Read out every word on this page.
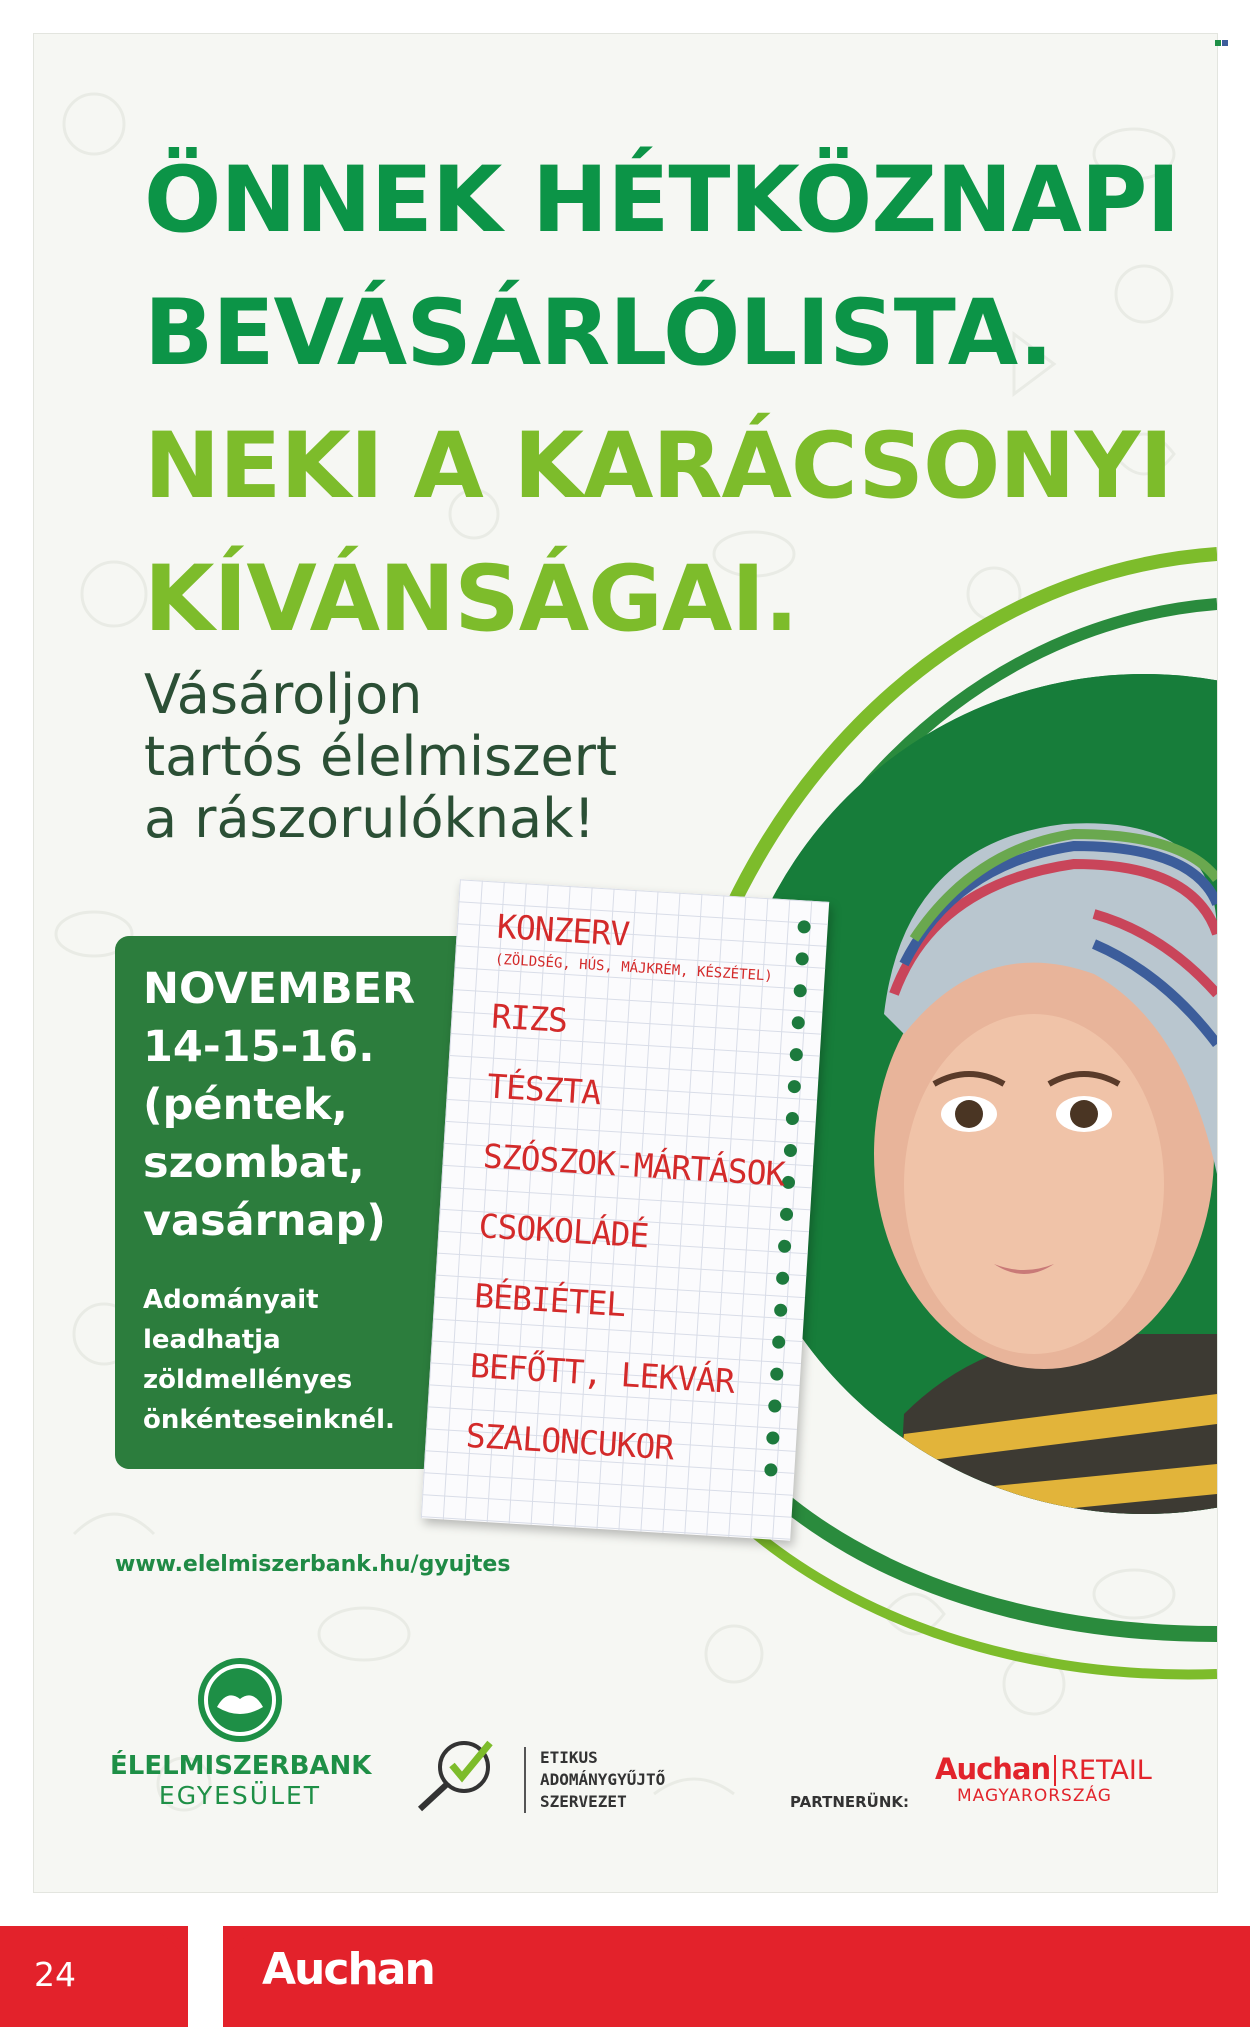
ÖNNEK HÉTKÖZNAPI
BEVÁSÁRLÓLISTA.
NEKI A KARÁCSONYI
KÍVÁNSÁGAI.

Vásároljon
tartós élelmiszert
a rászorulóknak!

NOVEMBER
14-15-16.
(péntek,
szombat,
vasárnap)
Adományait
leadhatja
zöldmellényes
önkénteseinknél.
KONZERV
(ZÖLDSÉG, HÚS, MÁJKRÉM, KÉSZÉTEL)
RIZS
TÉSZTA
SZÓSZOK-MÁRTÁSOK
CSOKOLÁDÉ
BÉBIÉTEL
BEFŐTT, LEKVÁR
SZALONCUKOR
www.elelmiszerbank.hu/gyujtes
ÉLELMISZERBANK
EGYESÜLET
ETIKUS
ADOMÁNYGYŰJTŐ
SZERVEZET	PARTNERÜNK:
Auchan RETAIL
MAGYARORSZÁG
24	Auchan
